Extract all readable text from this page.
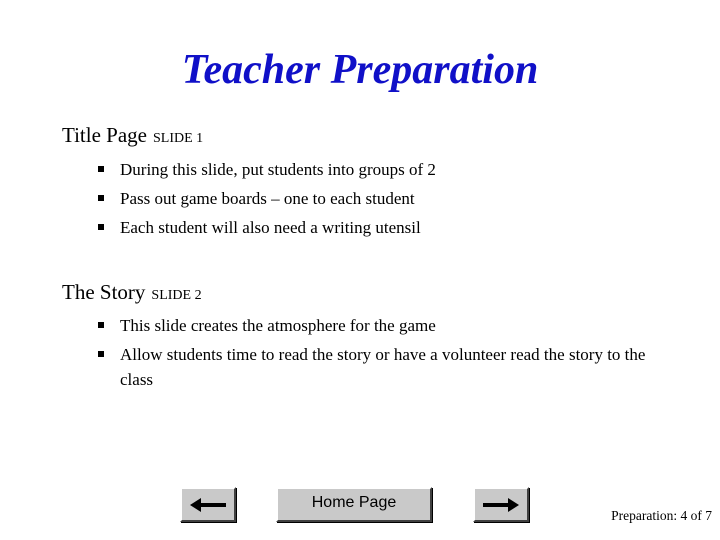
Teacher Preparation
Title Page SLIDE 1
During this slide, put students into groups of 2
Pass out game boards – one to each student
Each student will also need a writing utensil
The Story SLIDE 2
This slide creates the atmosphere for the game
Allow students time to read the story or have a volunteer read the story to the class
Home Page
Preparation: 4 of 7
